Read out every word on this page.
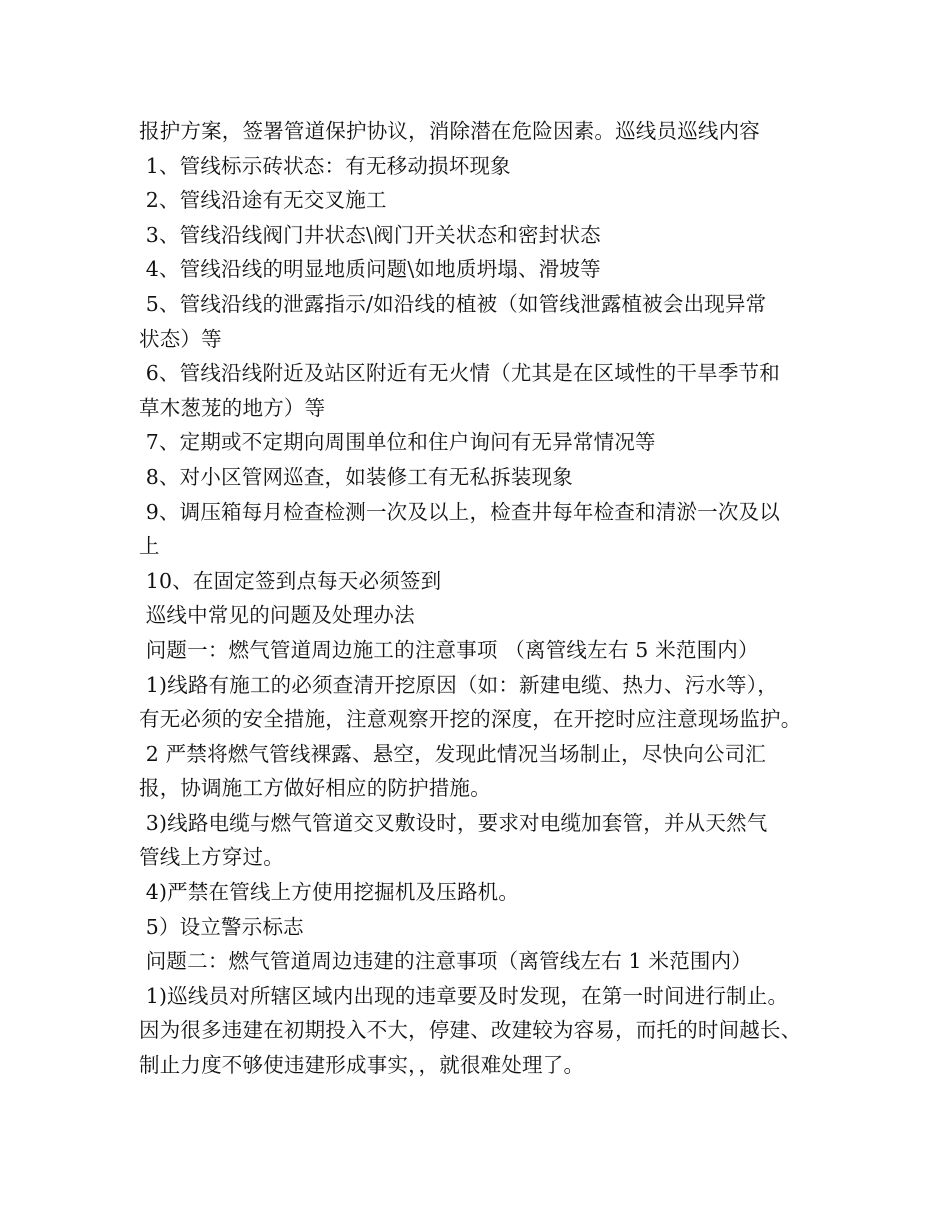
报护方案，签署管道保护协议，消除潜在危险因素。巡线员巡线内容
1、管线标示砖状态：有无移动损坏现象
2、管线沿途有无交叉施工
3、管线沿线阀门井状态\阀门开关状态和密封状态
4、管线沿线的明显地质问题\如地质坍塌、滑坡等
5、管线沿线的泄露指示/如沿线的植被（如管线泄露植被会出现异常
状态）等
6、管线沿线附近及站区附近有无火情（尤其是在区域性的干旱季节和
草木葱茏的地方）等
7、定期或不定期向周围单位和住户询问有无异常情况等
8、对小区管网巡查，如装修工有无私拆装现象
9、调压箱每月检查检测一次及以上，检查井每年检查和清淤一次及以
上
10、在固定签到点每天必须签到
巡线中常见的问题及处理办法
问题一：燃气管道周边施工的注意事项 （离管线左右 5 米范围内）
1)线路有施工的必须查清开挖原因（如：新建电缆、热力、污水等），
有无必须的安全措施，注意观察开挖的深度，在开挖时应注意现场监护。
2 严禁将燃气管线裸露、悬空，发现此情况当场制止，尽快向公司汇
报，协调施工方做好相应的防护措施。
3)线路电缆与燃气管道交叉敷设时，要求对电缆加套管，并从天然气
管线上方穿过。
4)严禁在管线上方使用挖掘机及压路机。
5）设立警示标志
问题二：燃气管道周边违建的注意事项（离管线左右 1 米范围内）
1)巡线员对所辖区域内出现的违章要及时发现，在第一时间进行制止。
因为很多违建在初期投入不大，停建、改建较为容易，而托的时间越长、
制止力度不够使违建形成事实，，就很难处理了。
